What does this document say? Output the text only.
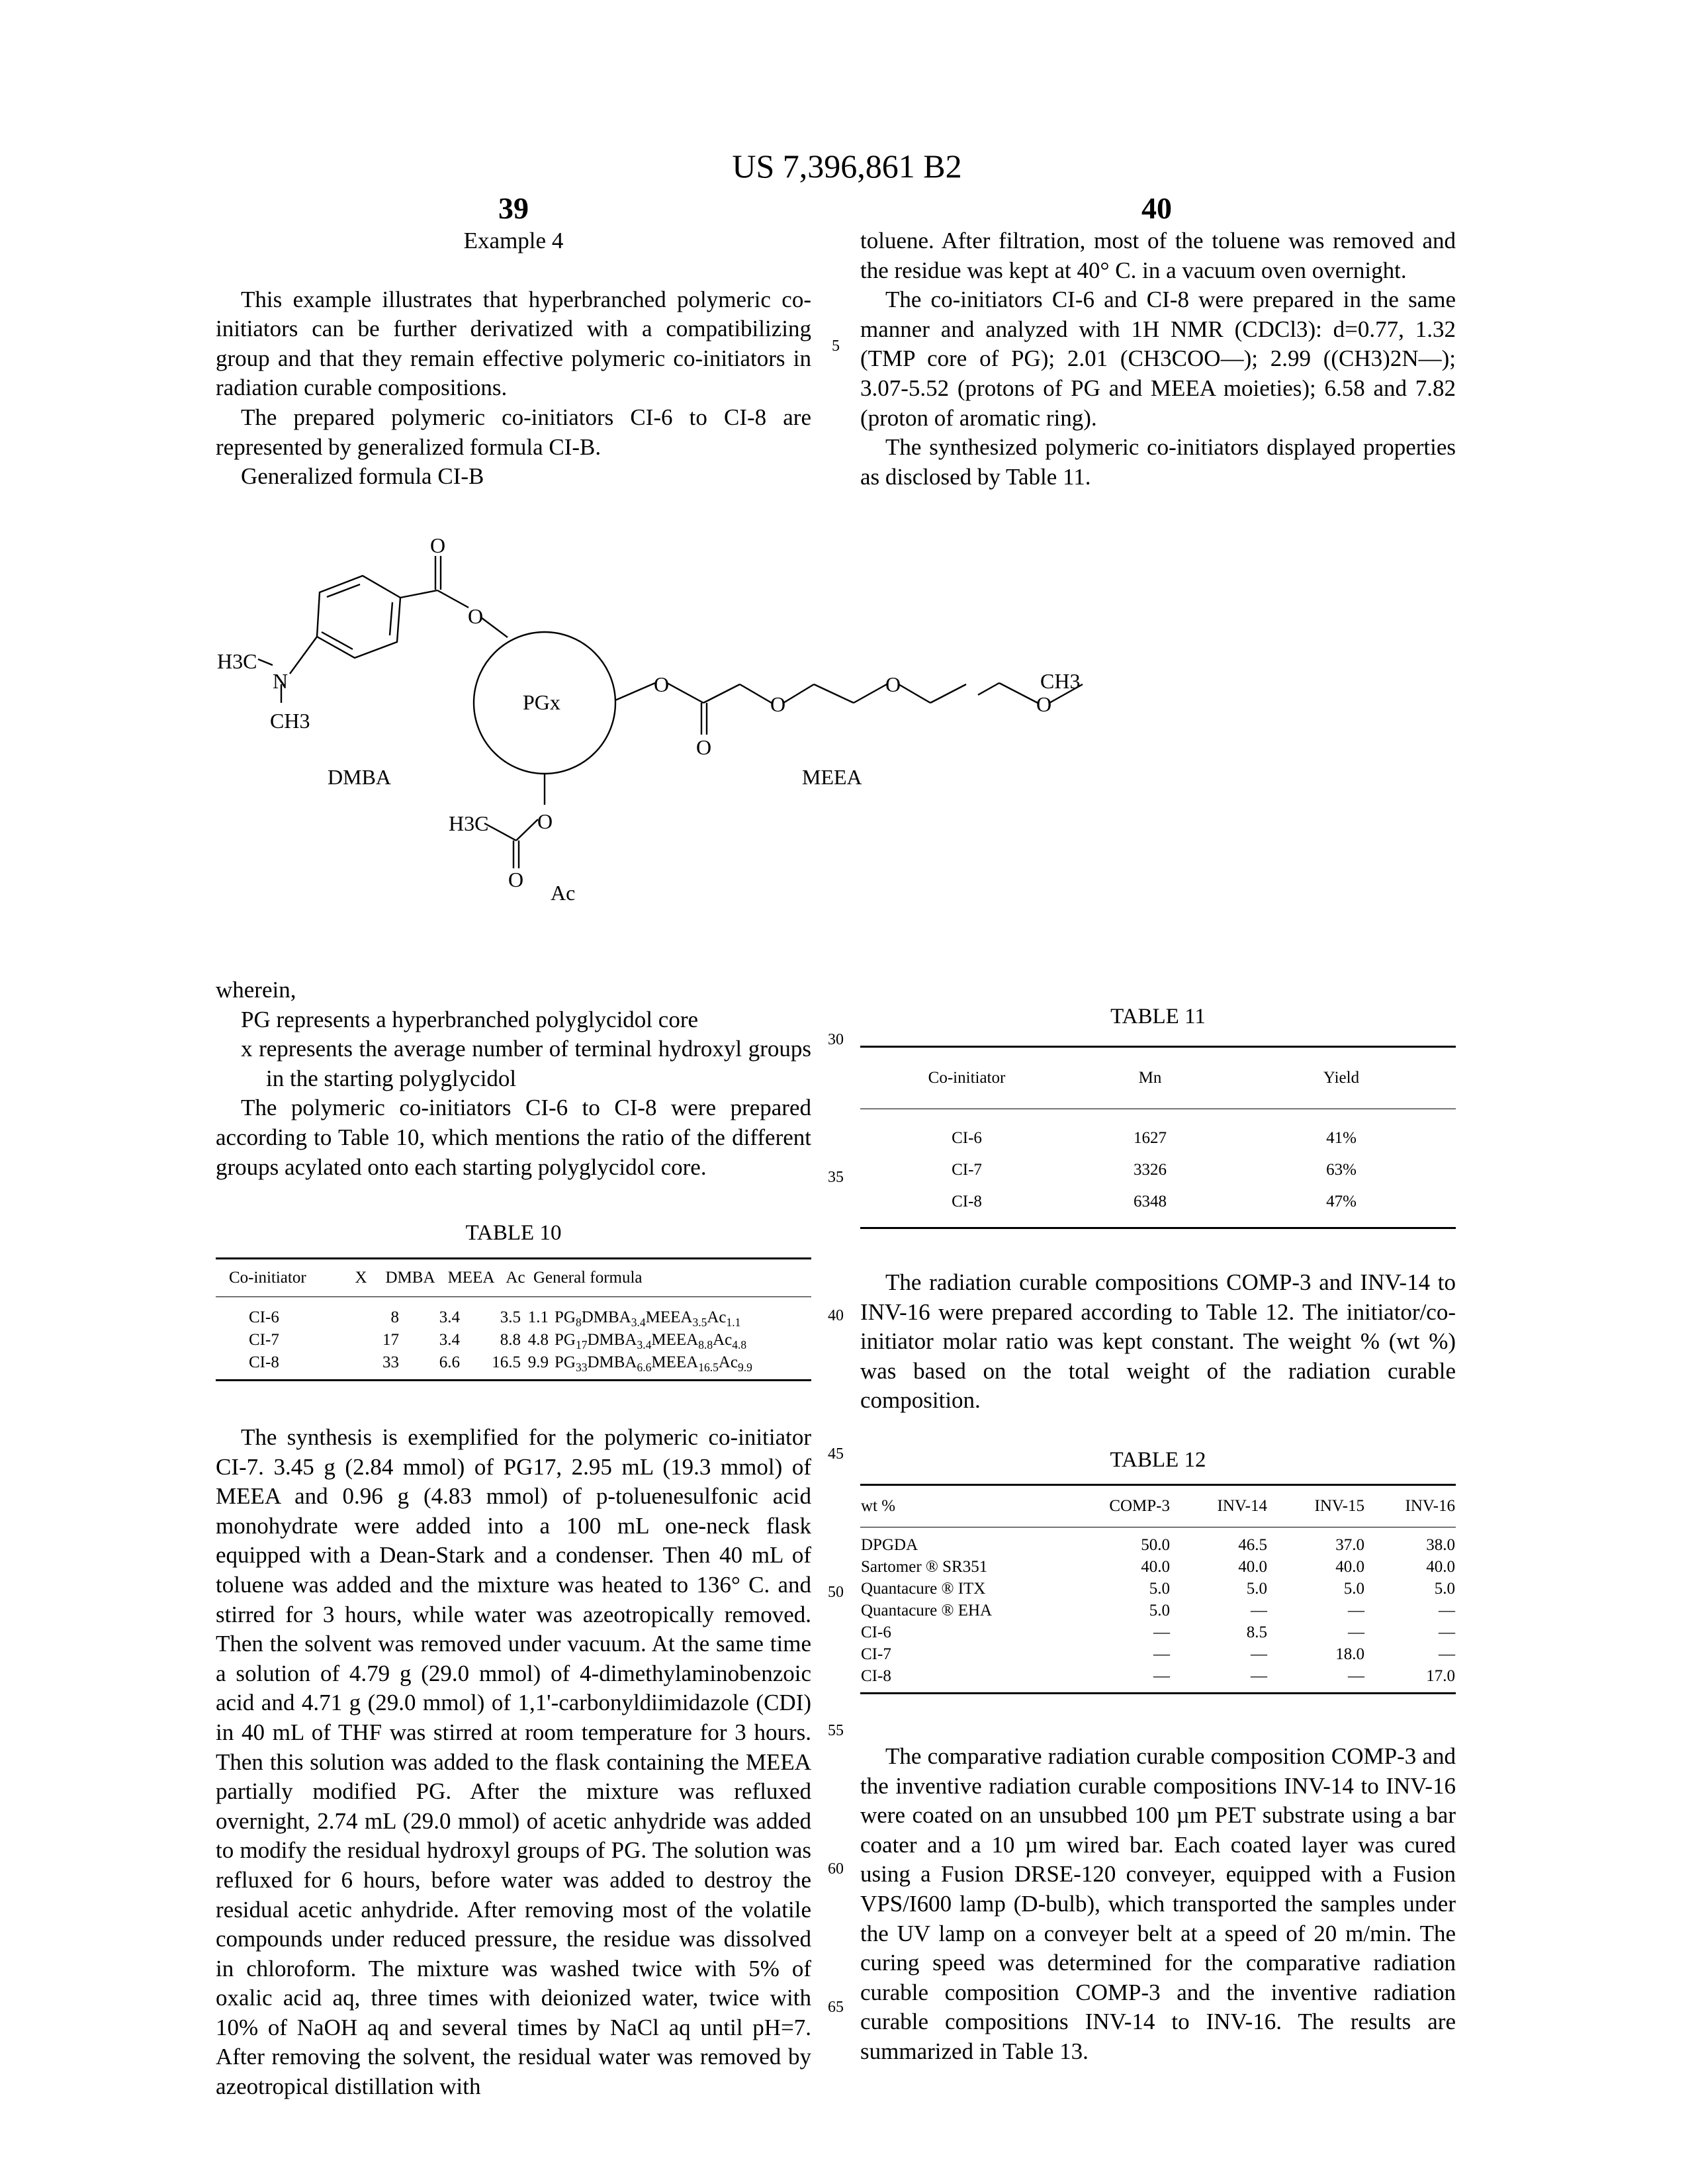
US 7,396,861 B2
39	40

Example 4

This example illustrates that hyperbranched polymeric co-initiators can be further derivatized with a compatibilizing group and that they remain effective polymeric co-initiators in radiation curable compositions.

The prepared polymeric co-initiators CI-6 to CI-8 are represented by generalized formula CI-B.

Generalized formula CI-B

toluene. After filtration, most of the toluene was removed and the residue was kept at 40° C. in a vacuum oven overnight.

The co-initiators CI-6 and CI-8 were prepared in the same manner and analyzed with 1H NMR (CDCl3): d=0.77, 1.32 (TMP core of PG); 2.01 (CH3COO—); 2.99 ((CH3)2N—); 3.07-5.52 (protons of PG and MEEA moieties); 6.58 and 7.82 (proton of aromatic ring).

The synthesized polymeric co-initiators displayed properties as disclosed by Table 11.

O
O
H3C
N
CH3
PGx
O
O
O
O
O
CH3
DMBA	MEEA
H3C O
O
Ac

wherein,

PG represents a hyperbranched polyglycidol core

x represents the average number of terminal hydroxyl groups in the starting polyglycidol

The polymeric co-initiators CI-6 to CI-8 were prepared according to Table 10, which mentions the ratio of the different groups acylated onto each starting polyglycidol core.

TABLE 10
Co-initiator	X	DMBA	MEEA	Ac	General formula
CI-6	8	3.4	3.5	1.1	PG8DMBA3.4MEEA3.5Ac1.1
CI-7	17	3.4	8.8	4.8	PG17DMBA3.4MEEA8.8Ac4.8
CI-8	33	6.6	16.5	9.9	PG33DMBA6.6MEEA16.5Ac9.9

The synthesis is exemplified for the polymeric co-initiator CI-7. 3.45 g (2.84 mmol) of PG17, 2.95 mL (19.3 mmol) of MEEA and 0.96 g (4.83 mmol) of p-toluenesulfonic acid monohydrate were added into a 100 mL one-neck flask equipped with a Dean-Stark and a condenser. Then 40 mL of toluene was added and the mixture was heated to 136° C. and stirred for 3 hours, while water was azeotropically removed. Then the solvent was removed under vacuum. At the same time a solution of 4.79 g (29.0 mmol) of 4-dimethylaminobenzoic acid and 4.71 g (29.0 mmol) of 1,1'-carbonyldiimidazole (CDI) in 40 mL of THF was stirred at room temperature for 3 hours. Then this solution was added to the flask containing the MEEA partially modified PG. After the mixture was refluxed overnight, 2.74 mL (29.0 mmol) of acetic anhydride was added to modify the residual hydroxyl groups of PG. The solution was refluxed for 6 hours, before water was added to destroy the residual acetic anhydride. After removing most of the volatile compounds under reduced pressure, the residue was dissolved in chloroform. The mixture was washed twice with 5% of oxalic acid aq, three times with deionized water, twice with 10% of NaOH aq and several times by NaCl aq until pH=7. After removing the solvent, the residual water was removed by azeotropical distillation with

TABLE 11
Co-initiator	Mn	Yield
CI-6	1627	41%
CI-7	3326	63%
CI-8	6348	47%

The radiation curable compositions COMP-3 and INV-14 to INV-16 were prepared according to Table 12. The initiator/co-initiator molar ratio was kept constant. The weight % (wt %) was based on the total weight of the radiation curable composition.

TABLE 12
wt %	COMP-3	INV-14	INV-15	INV-16
DPGDA	50.0	46.5	37.0	38.0
Sartomer ® SR351	40.0	40.0	40.0	40.0
Quantacure ® ITX	5.0	5.0	5.0	5.0
Quantacure ® EHA	5.0	—	—	—
CI-6	—	8.5	—	—
CI-7	—	—	18.0	—
CI-8	—	—	—	17.0

The comparative radiation curable composition COMP-3 and the inventive radiation curable compositions INV-14 to INV-16 were coated on an unsubbed 100 µm PET substrate using a bar coater and a 10 µm wired bar. Each coated layer was cured using a Fusion DRSE-120 conveyer, equipped with a Fusion VPS/I600 lamp (D-bulb), which transported the samples under the UV lamp on a conveyer belt at a speed of 20 m/min. The curing speed was determined for the comparative radiation curable composition COMP-3 and the inventive radiation curable compositions INV-14 to INV-16. The results are summarized in Table 13.

5
30
35
40
45
50
55
60
65
